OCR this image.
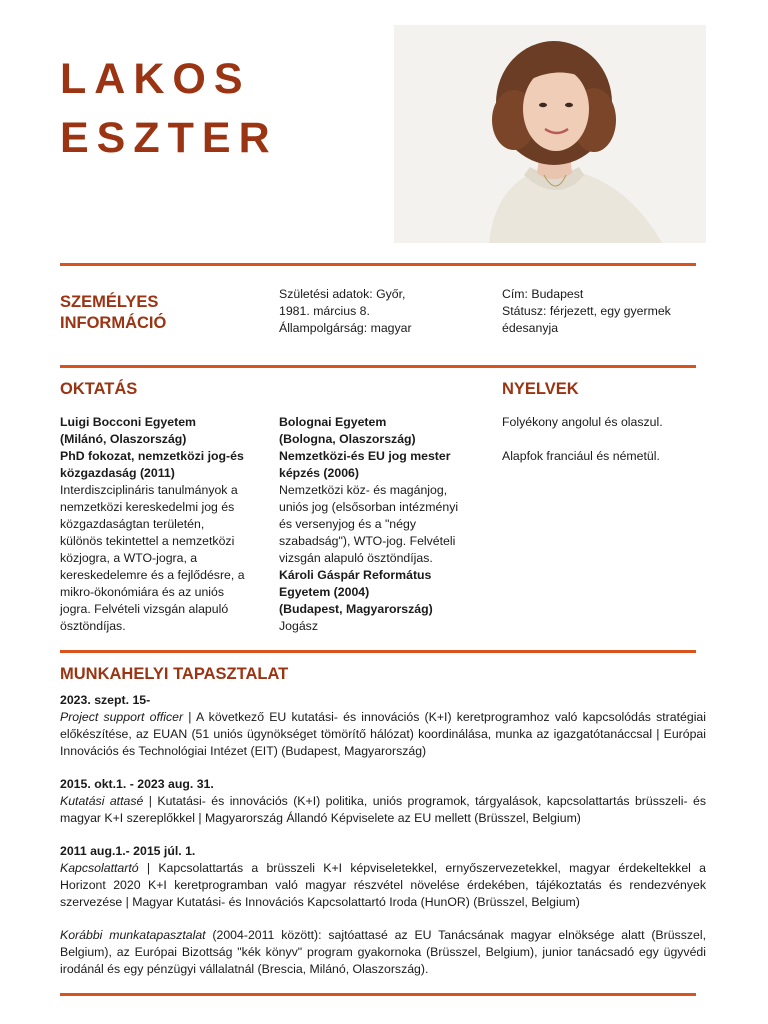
LAKOS
ESZTER
SZEMÉLYES
INFORMÁCIÓ
Születési adatok: Győr,
1981. március 8.
Állampolgárság: magyar
Cím: Budapest
Státusz: férjezett, egy gyermek
édesanyja
OKTATÁS	NYELVEK
Luigi Bocconi Egyetem
(Milánó, Olaszország)
PhD fokozat, nemzetközi jog-és
közgazdaság (2011)
Interdiszciplináris tanulmányok a
nemzetközi kereskedelmi jog és
közgazdaságtan területén,
különös tekintettel a nemzetközi
közjogra, a WTO-jogra, a
kereskedelemre és a fejlődésre, a
mikro-ökonómiára és az uniós
jogra. Felvételi vizsgán alapuló
ösztöndíjas.
Bolognai Egyetem
(Bologna, Olaszország)
Nemzetközi-és EU jog mester
képzés (2006)
Nemzetközi köz- és magánjog,
uniós jog (elsősorban intézményi
és versenyjog és a "négy
szabadság"), WTO-jog. Felvételi
vizsgán alapuló ösztöndíjas.
Károli Gáspár Református
Egyetem (2004)
(Budapest, Magyarország)
Jogász
Folyékony angolul és olaszul.
Alapfok franciául és németül.
MUNKAHELYI TAPASZTALAT
2023. szept. 15-
Project support officer | A következő EU kutatási- és innovációs (K+I) keretprogramhoz való kapcsolódás stratégiai előkészítése, az EUAN (51 uniós ügynökséget tömörítő hálózat) koordinálása, munka az igazgatótanáccsal | Európai Innovációs és Technológiai Intézet (EIT) (Budapest, Magyarország)
2015. okt.1. - 2023 aug. 31.
Kutatási attasé | Kutatási- és innovációs (K+I) politika, uniós programok, tárgyalások, kapcsolattartás brüsszeli- és magyar K+I szereplőkkel | Magyarország Állandó Képviselete az EU mellett (Brüsszel, Belgium)
2011 aug.1.- 2015 júl. 1.
Kapcsolattartó | Kapcsolattartás a brüsszeli K+I képviseletekkel, ernyőszervezetekkel, magyar érdekeltekkel a Horizont 2020 K+I keretprogramban való magyar részvétel növelése érdekében, tájékoztatás és rendezvények szervezése | Magyar Kutatási- és Innovációs Kapcsolattartó Iroda (HunOR) (Brüsszel, Belgium)
Korábbi munkatapasztalat (2004-2011 között): sajtóattasé az EU Tanácsának magyar elnöksége alatt (Brüsszel, Belgium), az Európai Bizottság "kék könyv" program gyakornoka (Brüsszel, Belgium), junior tanácsadó egy ügyvédi irodánál és egy pénzügyi vállalatnál (Brescia, Milánó, Olaszország).
